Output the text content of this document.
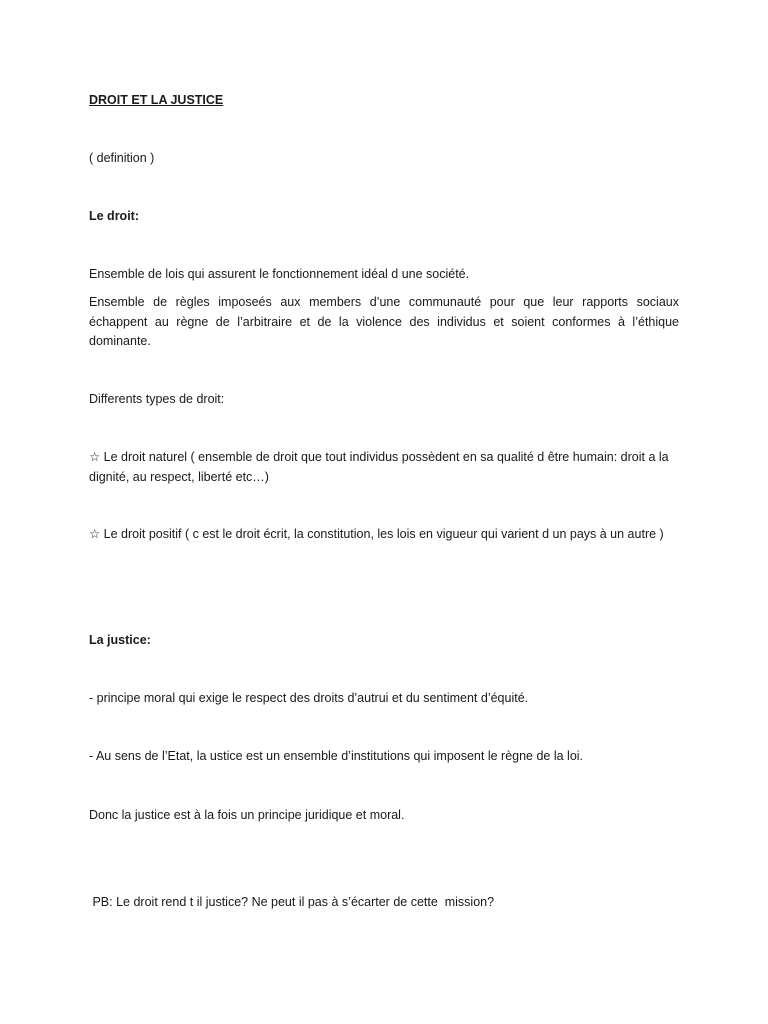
DROIT ET LA JUSTICE
( definition )
Le droit:
Ensemble de lois qui assurent le fonctionnement idéal d une société.
Ensemble de règles imposeés aux members d’une communauté pour que leur rapports sociaux échappent au règne de l’arbitraire et de la violence des individus et soient conformes à l’éthique dominante.
Differents types de droit:
☆ Le droit naturel ( ensemble de droit que tout individus possèdent en sa qualité d être humain: droit a la dignité, au respect, liberté etc…)
☆ Le droit positif ( c est le droit écrit, la constitution, les lois en vigueur qui varient d un pays à un autre )
La justice:
- principe moral qui exige le respect des droits d’autrui et du sentiment d’équité.
- Au sens de l’Etat, la ustice est un ensemble d’institutions qui imposent le règne de la loi.
Donc la justice est à la fois un principe juridique et moral.
PB: Le droit rend t il justice? Ne peut il pas à s’écarter de cette  mission?
